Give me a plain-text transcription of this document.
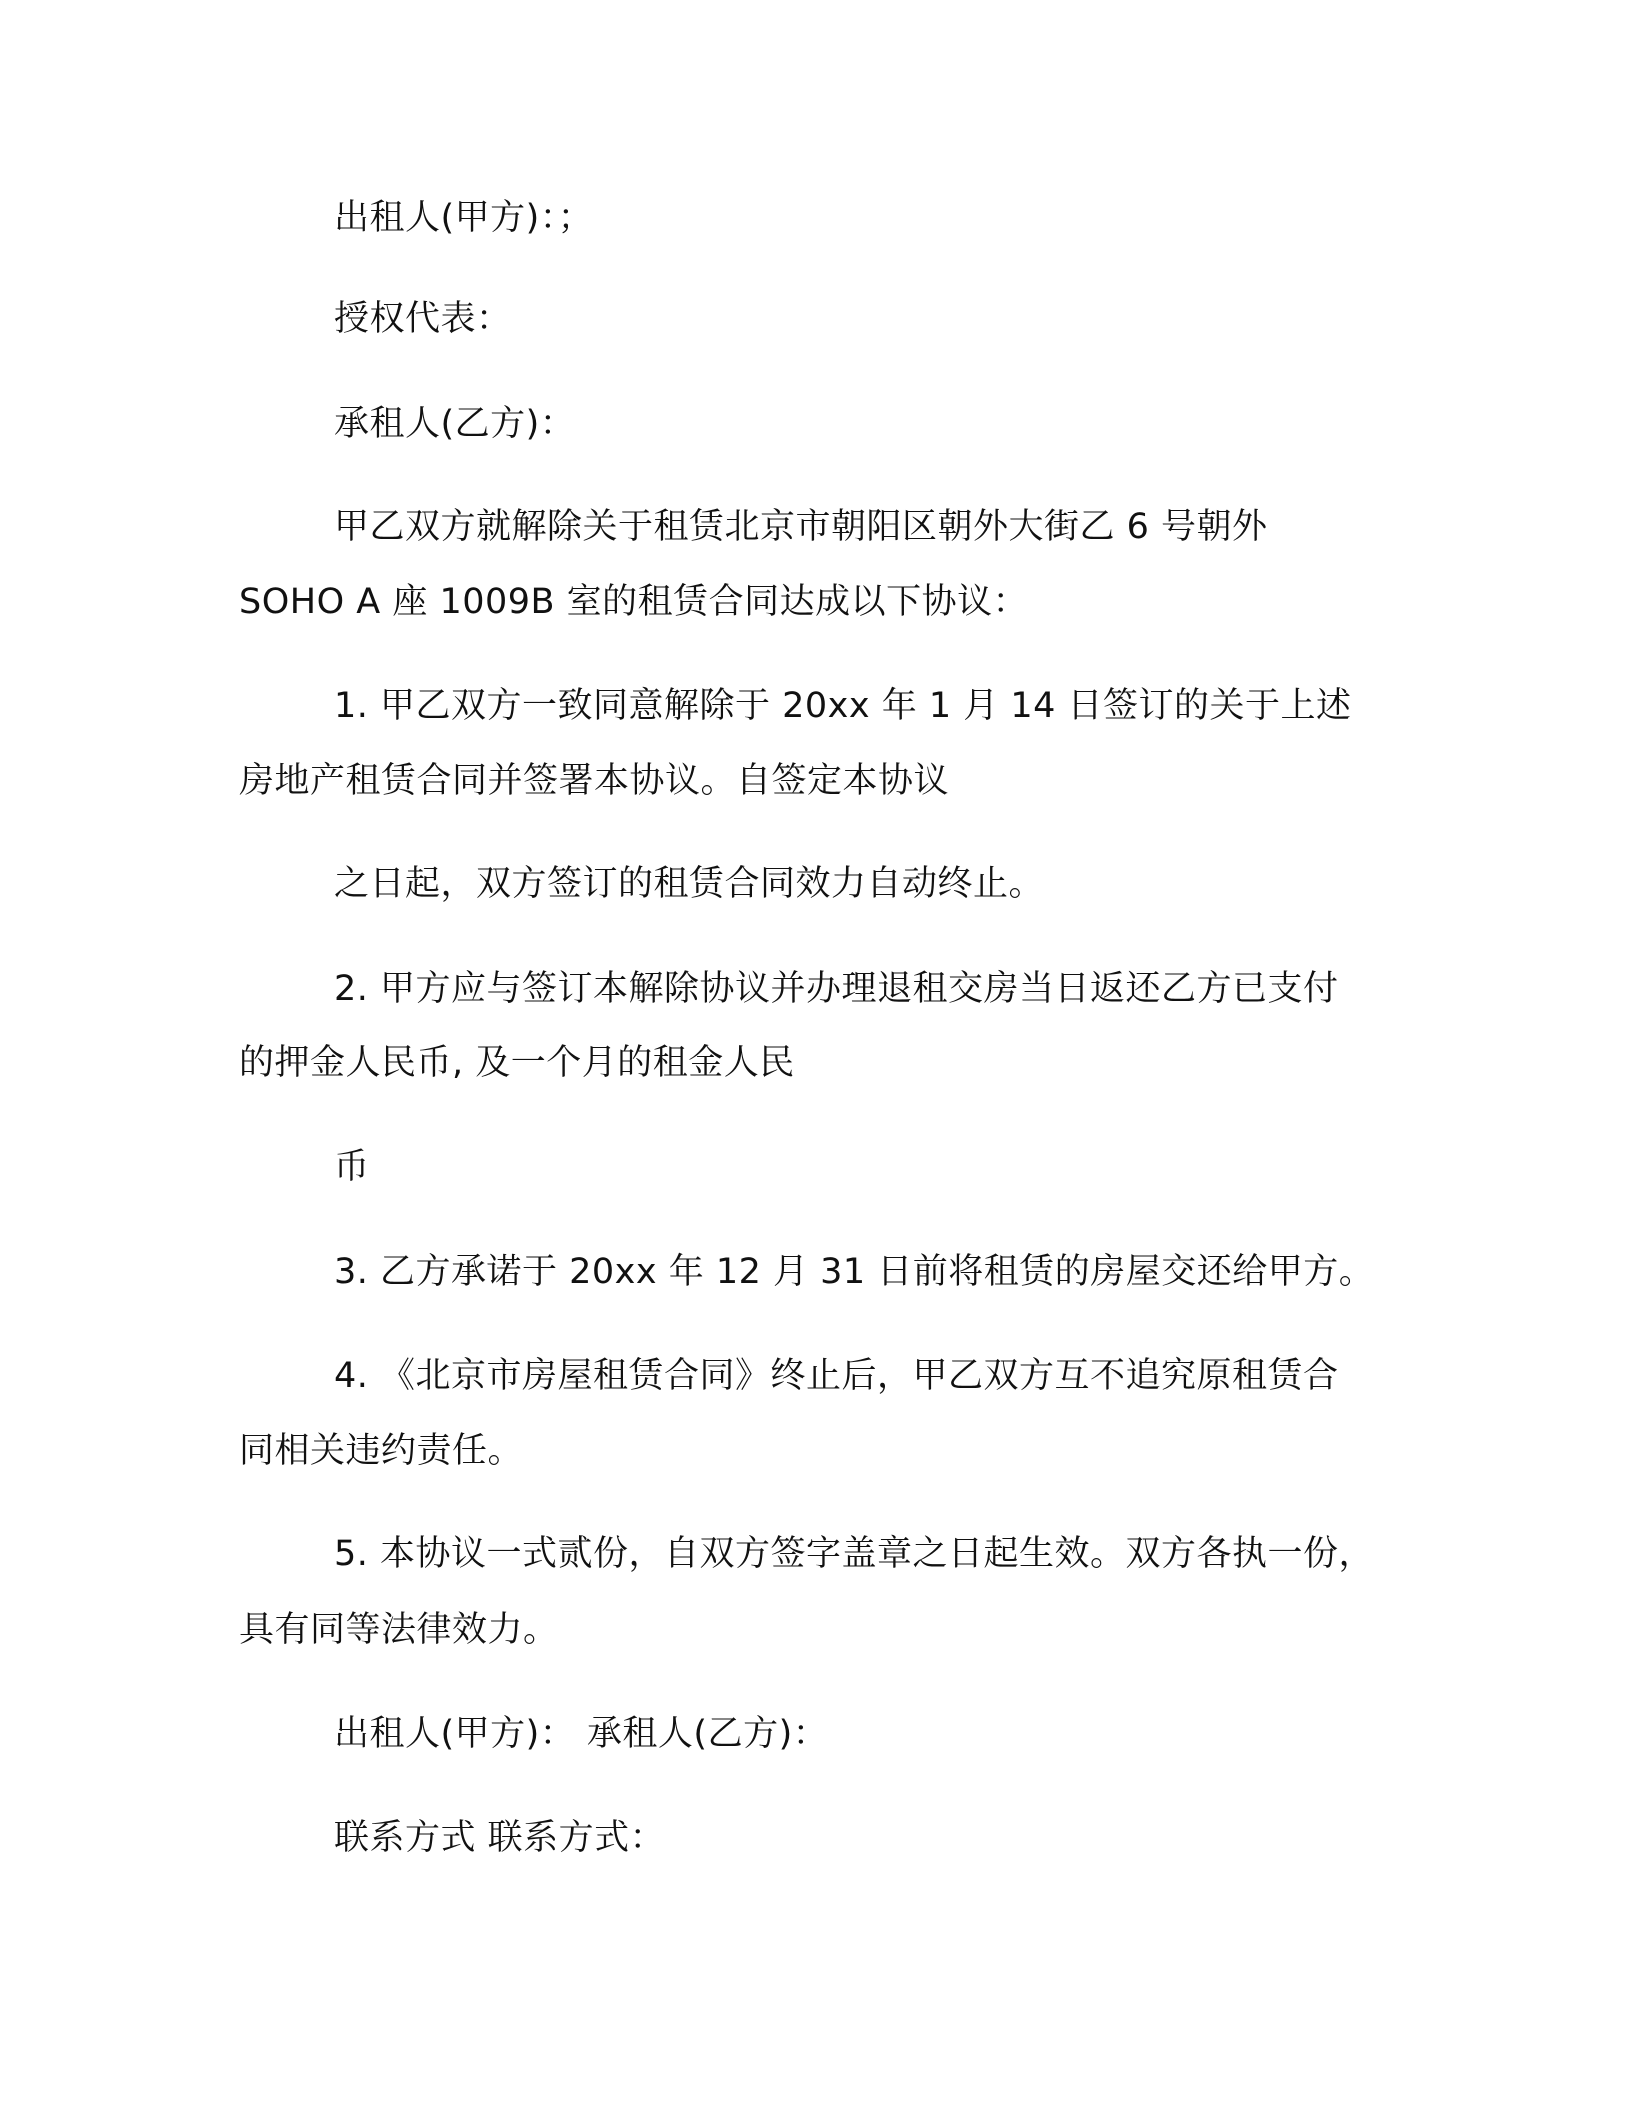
出租人(甲方)：；
授权代表：
承租人(乙方)：
甲乙双方就解除关于租赁北京市朝阳区朝外大街乙 6 号朝外
SOHO A 座 1009B 室的租赁合同达成以下协议：
1. 甲乙双方一致同意解除于 20xx 年 1 月 14 日签订的关于上述
房地产租赁合同并签署本协议。自签定本协议
之日起，双方签订的租赁合同效力自动终止。
2. 甲方应与签订本解除协议并办理退租交房当日返还乙方已支付
的押金人民币, 及一个月的租金人民
币
3. 乙方承诺于 20xx 年 12 月 31 日前将租赁的房屋交还给甲方。
4. 《北京市房屋租赁合同》终止后，甲乙双方互不追究原租赁合
同相关违约责任。
5. 本协议一式贰份，自双方签字盖章之日起生效。双方各执一份，
具有同等法律效力。
出租人(甲方)： 承租人(乙方)：
联系方式 联系方式：
